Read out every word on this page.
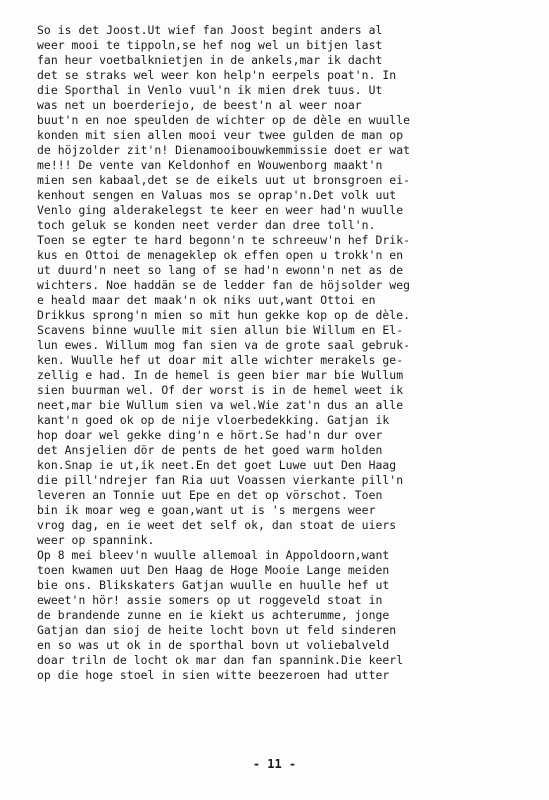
So is det Joost.Ut wief fan Joost begint anders al
weer mooi te tippoln,se hef nog wel un bitjen last
fan heur voetbalknietjen in de ankels,mar ik dacht
det se straks wel weer kon help'n eerpels poat'n. In
die Sporthal in Venlo vuul'n ik mien drek tuus. Ut
was net un boerderiejo, de beest'n al weer noar
buut'n en noe speulden de wichter op de dèle en wuulle
konden mit sien allen mooi veur twee gulden de man op
de höjzolder zit'n! Dienamooibouwkemmissie doet er wat
me!!! De vente van Keldonhof en Wouwenborg maakt'n
mien sen kabaal,det se de eikels uut ut bronsgroen ei-
kenhout sengen en Valuas mos se oprap'n.Det volk uut
Venlo ging alderakelegst te keer en weer had'n wuulle
toch geluk se konden neet verder dan dree toll'n.
Toen se egter te hard begonn'n te schreeuw'n hef Drik-
kus en Ottoi de menageklep ok effen open u trokk'n en
ut duurd'n neet so lang of se had'n ewonn'n net as de
wichters. Noe haddän se de ledder fan de höjsolder weg
e heald maar det maak'n ok niks uut,want Ottoi en
Drikkus sprong'n mien so mit hun gekke kop op de dèle.
Scavens binne wuulle mit sien allun bie Willum en El-
lun ewes. Willum mog fan sien va de grote saal gebruk-
ken. Wuulle hef ut doar mit alle wichter merakels ge-
zellig e had. In de hemel is geen bier mar bie Wullum
sien buurman wel. Of der worst is in de hemel weet ik
neet,mar bie Wullum sien va wel.Wie zat'n dus an alle
kant'n goed ok op de nije vloerbedekking. Gatjan ik
hop doar wel gekke ding'n e hört.Se had'n dur over
det Ansjelien dör de pents de het goed warm holden
kon.Snap ie ut,ik neet.En det goet Luwe uut Den Haag
die pill'ndrejer fan Ria uut Voassen vierkante pill'n
leveren an Tonnie uut Epe en det op vörschot. Toen
bin ik moar weg e goan,want ut is 's mergens weer
vrog dag, en ie weet det self ok, dan stoat de uiers
weer op spannink.
Op 8 mei bleev'n wuulle allemoal in Appoldoorn,want
toen kwamen uut Den Haag de Hoge Mooie Lange meiden
bie ons. Blikskaters Gatjan wuulle en huulle hef ut
eweet'n hör! assie somers op ut roggeveld stoat in
de brandende zunne en ie kiekt us achterumme, jonge
Gatjan dan sioj de heite locht bovn ut feld sinderen
en so was ut ok in de sporthal bovn ut voliebalveld
doar triln de locht ok mar dan fan spannink.Die keerl
op die hoge stoel in sien witte beezeroen had utter
- 11 -
